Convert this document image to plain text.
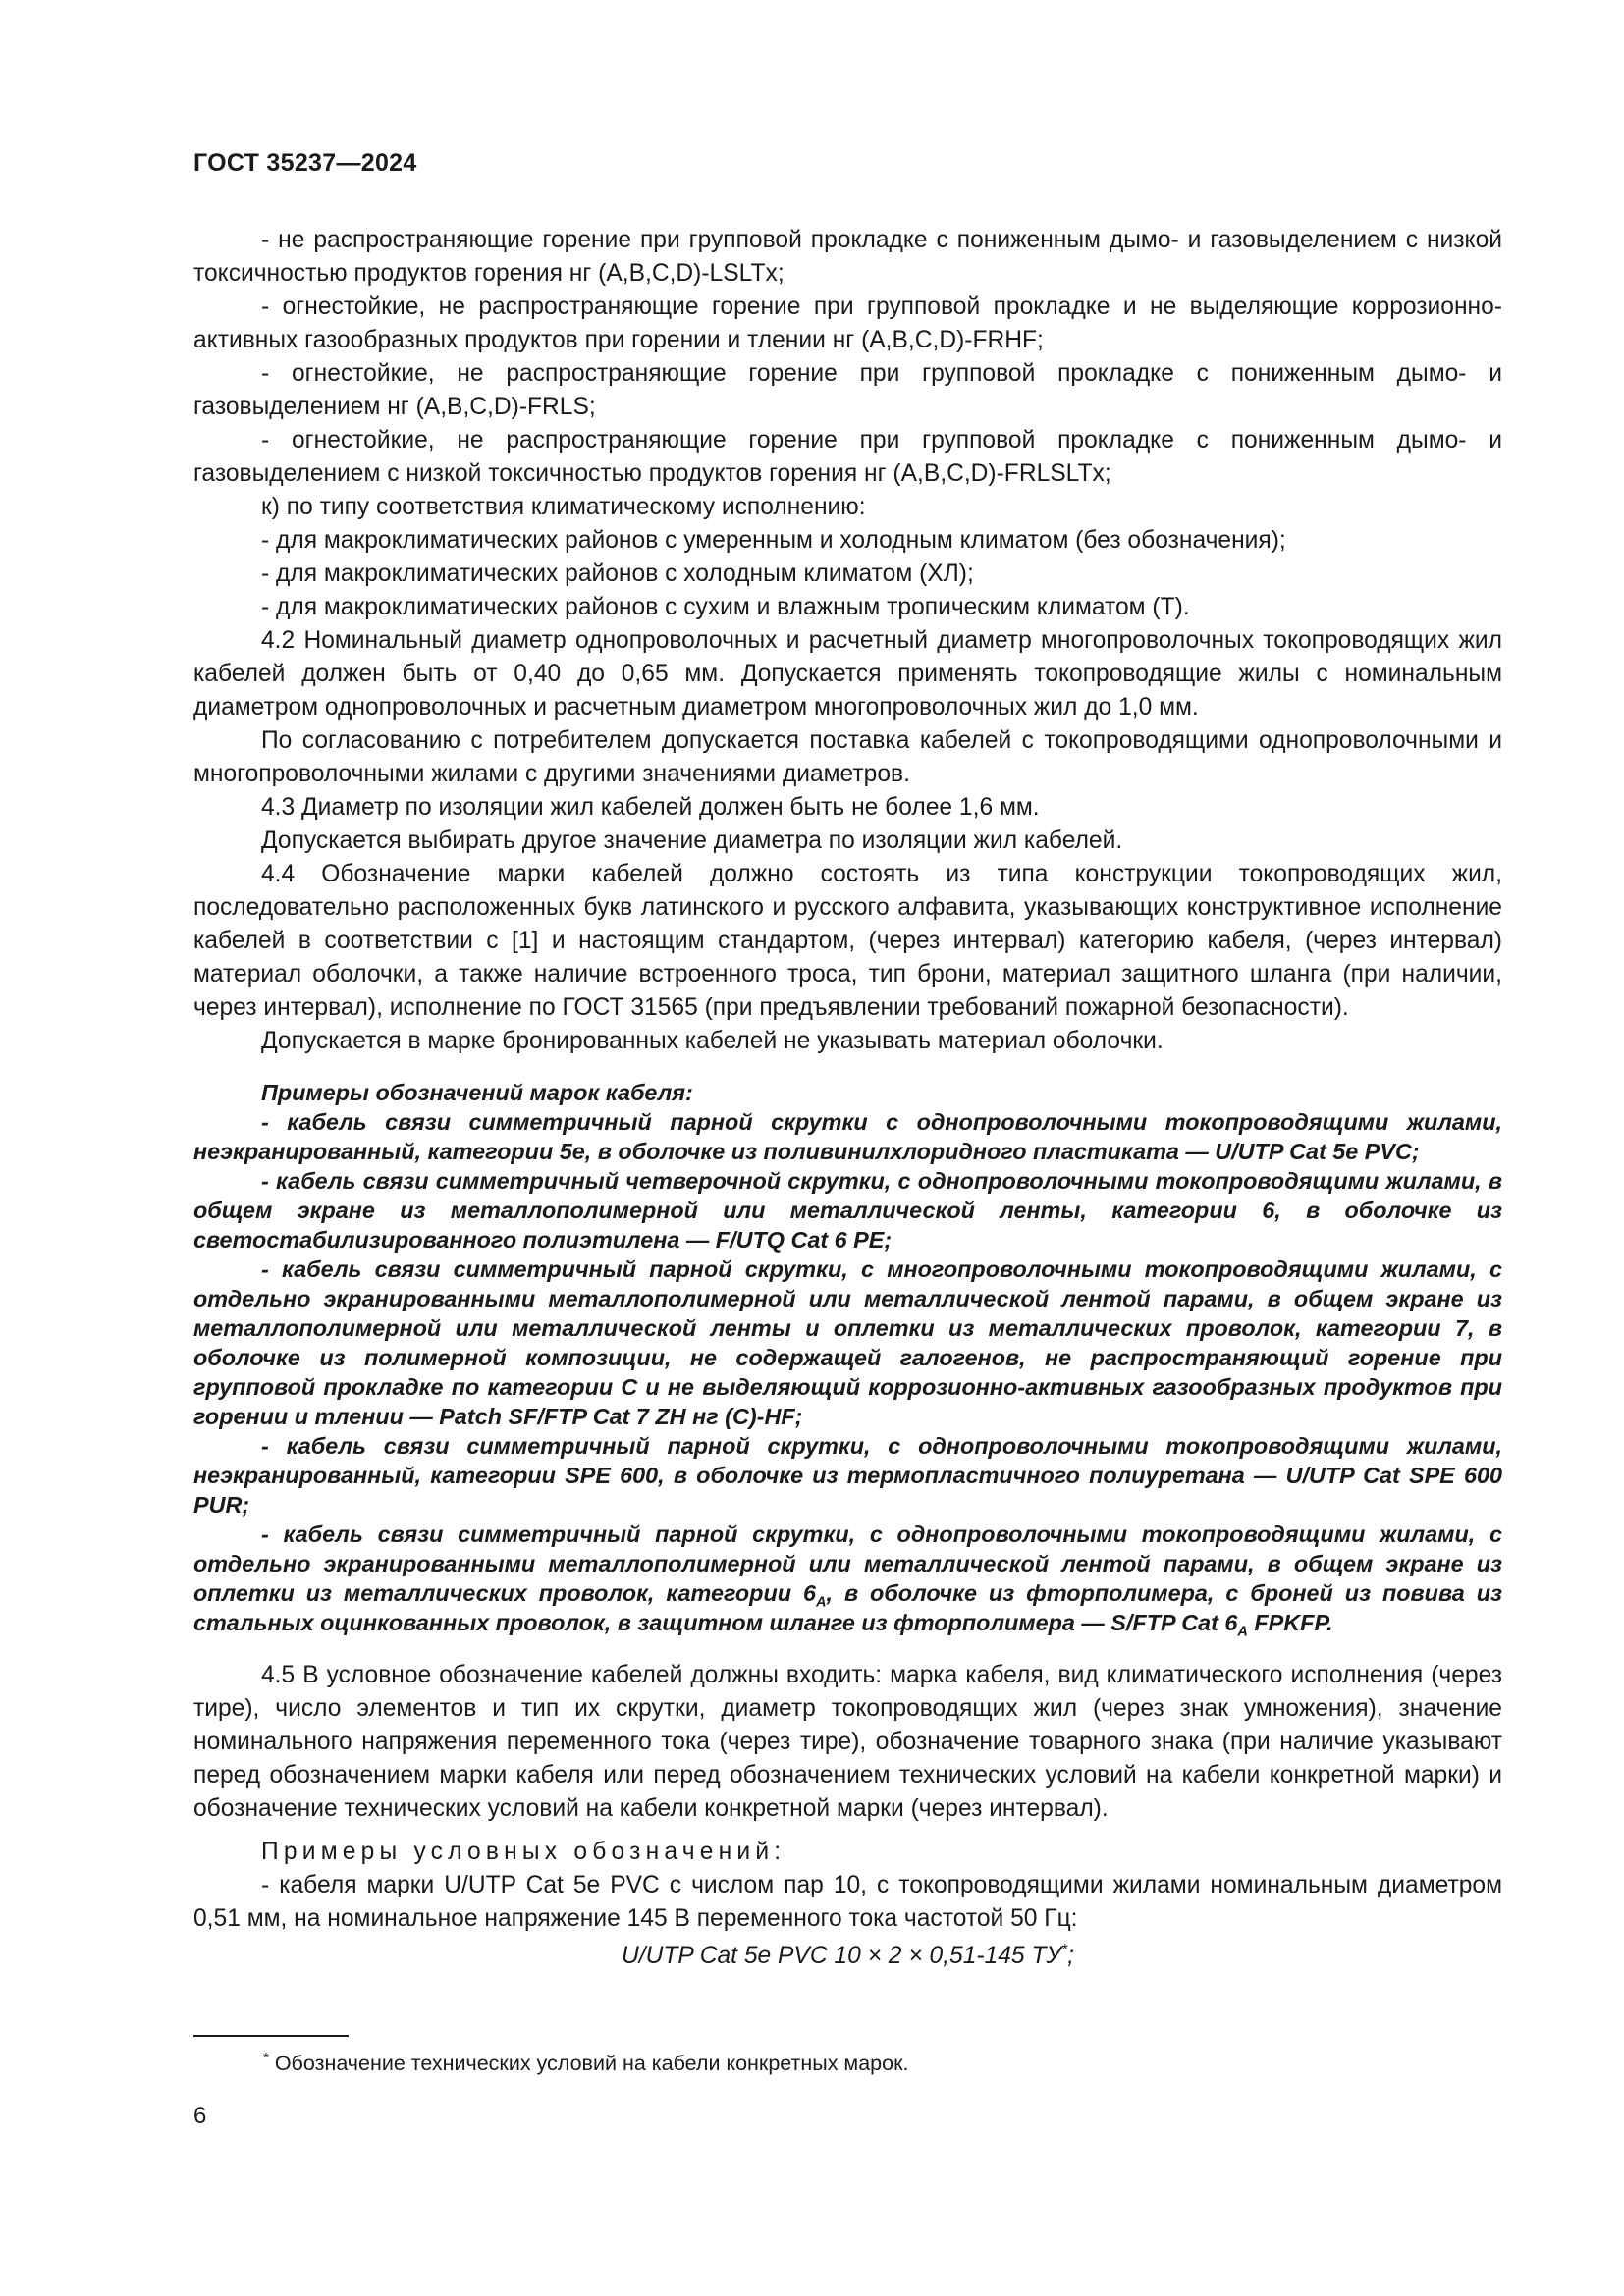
ГОСТ 35237—2024

- не распространяющие горение при групповой прокладке с пониженным дымо- и газовыделением с низкой токсичностью продуктов горения нг (A,B,C,D)-LSLTx;

- огнестойкие, не распространяющие горение при групповой прокладке и не выделяющие коррозионно-активных газообразных продуктов при горении и тлении нг (A,B,C,D)-FRHF;

- огнестойкие, не распространяющие горение при групповой прокладке с пониженным дымо- и газовыделением нг (A,B,C,D)-FRLS;

- огнестойкие, не распространяющие горение при групповой прокладке с пониженным дымо- и газовыделением с низкой токсичностью продуктов горения нг (A,B,C,D)-FRLSLTx;

к) по типу соответствия климатическому исполнению:

- для макроклиматических районов с умеренным и холодным климатом (без обозначения);

- для макроклиматических районов с холодным климатом (ХЛ);

- для макроклиматических районов с сухим и влажным тропическим климатом (Т).

4.2 Номинальный диаметр однопроволочных и расчетный диаметр многопроволочных токопроводящих жил кабелей должен быть от 0,40 до 0,65 мм. Допускается применять токопроводящие жилы с номинальным диаметром однопроволочных и расчетным диаметром многопроволочных жил до 1,0 мм.

По согласованию с потребителем допускается поставка кабелей с токопроводящими однопроволочными и многопроволочными жилами с другими значениями диаметров.

4.3 Диаметр по изоляции жил кабелей должен быть не более 1,6 мм.

Допускается выбирать другое значение диаметра по изоляции жил кабелей.

4.4 Обозначение марки кабелей должно состоять из типа конструкции токопроводящих жил, последовательно расположенных букв латинского и русского алфавита, указывающих конструктивное исполнение кабелей в соответствии с [1] и настоящим стандартом, (через интервал) категорию кабеля, (через интервал) материал оболочки, а также наличие встроенного троса, тип брони, материал защитного шланга (при наличии, через интервал), исполнение по ГОСТ 31565 (при предъявлении требований пожарной безопасности).

Допускается в марке бронированных кабелей не указывать материал оболочки.

Примеры обозначений марок кабеля:

- кабель связи симметричный парной скрутки с однопроволочными токопроводящими жилами, неэкранированный, категории 5е, в оболочке из поливинилхлоридного пластиката — U/UTP Cat 5e PVC;

- кабель связи симметричный четверочной скрутки, с однопроволочными токопроводящими жилами, в общем экране из металлополимерной или металлической ленты, категории 6, в оболочке из светостабилизированного полиэтилена — F/UTQ Cat 6 PE;

- кабель связи симметричный парной скрутки, с многопроволочными токопроводящими жилами, с отдельно экранированными металлополимерной или металлической лентой парами, в общем экране из металлополимерной или металлической ленты и оплетки из металлических проволок, категории 7, в оболочке из полимерной композиции, не содержащей галогенов, не распространяющий горение при групповой прокладке по категории С и не выделяющий коррозионно-активных газообразных продуктов при горении и тлении — Patch SF/FTP Cat 7 ZH нг (С)-HF;

- кабель связи симметричный парной скрутки, с однопроволочными токопроводящими жилами, неэкранированный, категории SPE 600, в оболочке из термопластичного полиуретана — U/UTP Cat SPE 600 PUR;

- кабель связи симметричный парной скрутки, с однопроволочными токопроводящими жилами, с отдельно экранированными металлополимерной или металлической лентой парами, в общем экране из оплетки из металлических проволок, категории $6_A$, в оболочке из фторполимера, с броней из повива из стальных оцинкованных проволок, в защитном шланге из фторполимера — S/FTP Cat $6_A$ FPKFP.

4.5 В условное обозначение кабелей должны входить: марка кабеля, вид климатического исполнения (через тире), число элементов и тип их скрутки, диаметр токопроводящих жил (через знак умножения), значение номинального напряжения переменного тока (через тире), обозначение товарного знака (при наличие указывают перед обозначением марки кабеля или перед обозначением технических условий на кабели конкретной марки) и обозначение технических условий на кабели конкретной марки (через интервал).

Примеры условных обозначений:

- кабеля марки U/UTP Cat 5e PVC с числом пар 10, с токопроводящими жилами номинальным диаметром 0,51 мм, на номинальное напряжение 145 В переменного тока частотой 50 Гц:

U/UTP Cat 5e PVC 10 × 2 × 0,51-145 ТУ*;

* Обозначение технических условий на кабели конкретных марок.
6
